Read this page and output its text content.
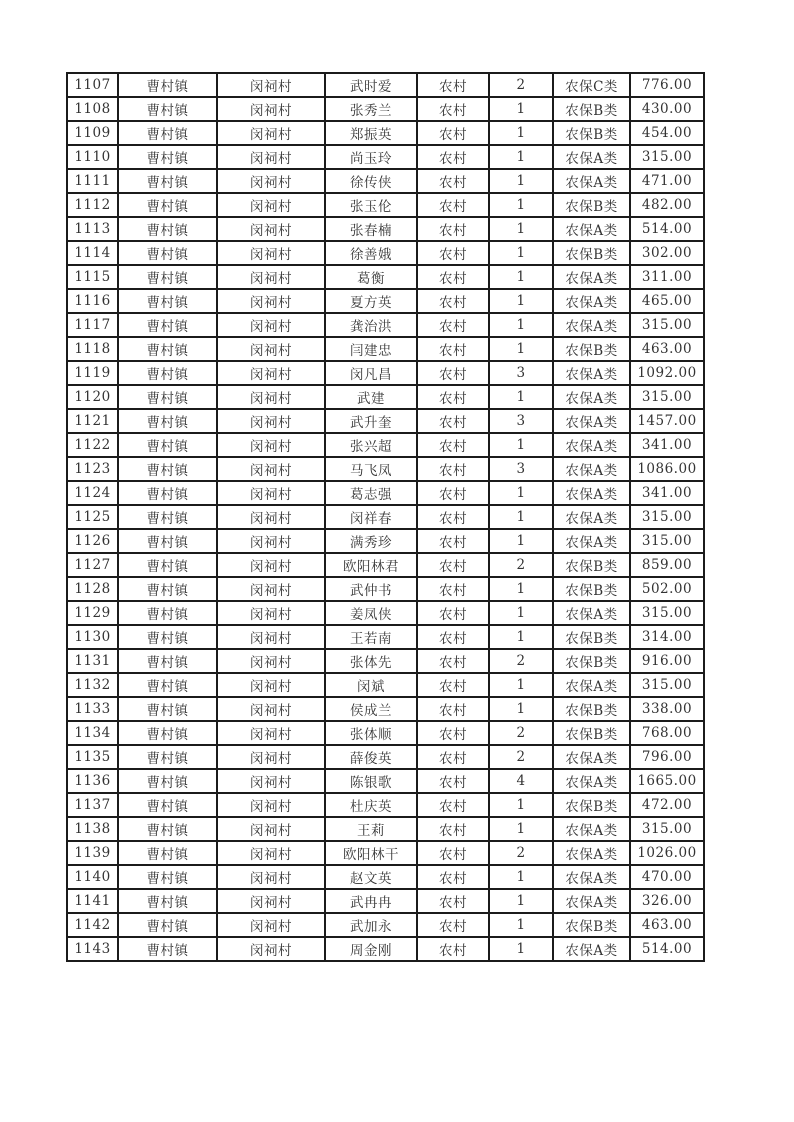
1107	曹村镇	闵祠村	武时爱	农村	2	农保C类	776.00
1108	曹村镇	闵祠村	张秀兰	农村	1	农保B类	430.00
1109	曹村镇	闵祠村	郑振英	农村	1	农保B类	454.00
1110	曹村镇	闵祠村	尚玉玲	农村	1	农保A类	315.00
1111	曹村镇	闵祠村	徐传侠	农村	1	农保A类	471.00
1112	曹村镇	闵祠村	张玉伦	农村	1	农保B类	482.00
1113	曹村镇	闵祠村	张春楠	农村	1	农保A类	514.00
1114	曹村镇	闵祠村	徐善娥	农村	1	农保B类	302.00
1115	曹村镇	闵祠村	葛衡	农村	1	农保A类	311.00
1116	曹村镇	闵祠村	夏方英	农村	1	农保A类	465.00
1117	曹村镇	闵祠村	龚治洪	农村	1	农保A类	315.00
1118	曹村镇	闵祠村	闫建忠	农村	1	农保B类	463.00
1119	曹村镇	闵祠村	闵凡昌	农村	3	农保A类	1092.00
1120	曹村镇	闵祠村	武建	农村	1	农保A类	315.00
1121	曹村镇	闵祠村	武升奎	农村	3	农保A类	1457.00
1122	曹村镇	闵祠村	张兴超	农村	1	农保A类	341.00
1123	曹村镇	闵祠村	马飞凤	农村	3	农保A类	1086.00
1124	曹村镇	闵祠村	葛志强	农村	1	农保A类	341.00
1125	曹村镇	闵祠村	闵祥春	农村	1	农保A类	315.00
1126	曹村镇	闵祠村	满秀珍	农村	1	农保A类	315.00
1127	曹村镇	闵祠村	欧阳林君	农村	2	农保B类	859.00
1128	曹村镇	闵祠村	武仲书	农村	1	农保B类	502.00
1129	曹村镇	闵祠村	姜凤侠	农村	1	农保A类	315.00
1130	曹村镇	闵祠村	王若南	农村	1	农保B类	314.00
1131	曹村镇	闵祠村	张体先	农村	2	农保B类	916.00
1132	曹村镇	闵祠村	闵斌	农村	1	农保A类	315.00
1133	曹村镇	闵祠村	侯成兰	农村	1	农保B类	338.00
1134	曹村镇	闵祠村	张体顺	农村	2	农保B类	768.00
1135	曹村镇	闵祠村	薛俊英	农村	2	农保A类	796.00
1136	曹村镇	闵祠村	陈银歌	农村	4	农保A类	1665.00
1137	曹村镇	闵祠村	杜庆英	农村	1	农保B类	472.00
1138	曹村镇	闵祠村	王莉	农村	1	农保A类	315.00
1139	曹村镇	闵祠村	欧阳林干	农村	2	农保A类	1026.00
1140	曹村镇	闵祠村	赵文英	农村	1	农保A类	470.00
1141	曹村镇	闵祠村	武冉冉	农村	1	农保A类	326.00
1142	曹村镇	闵祠村	武加永	农村	1	农保B类	463.00
1143	曹村镇	闵祠村	周金刚	农村	1	农保A类	514.00
